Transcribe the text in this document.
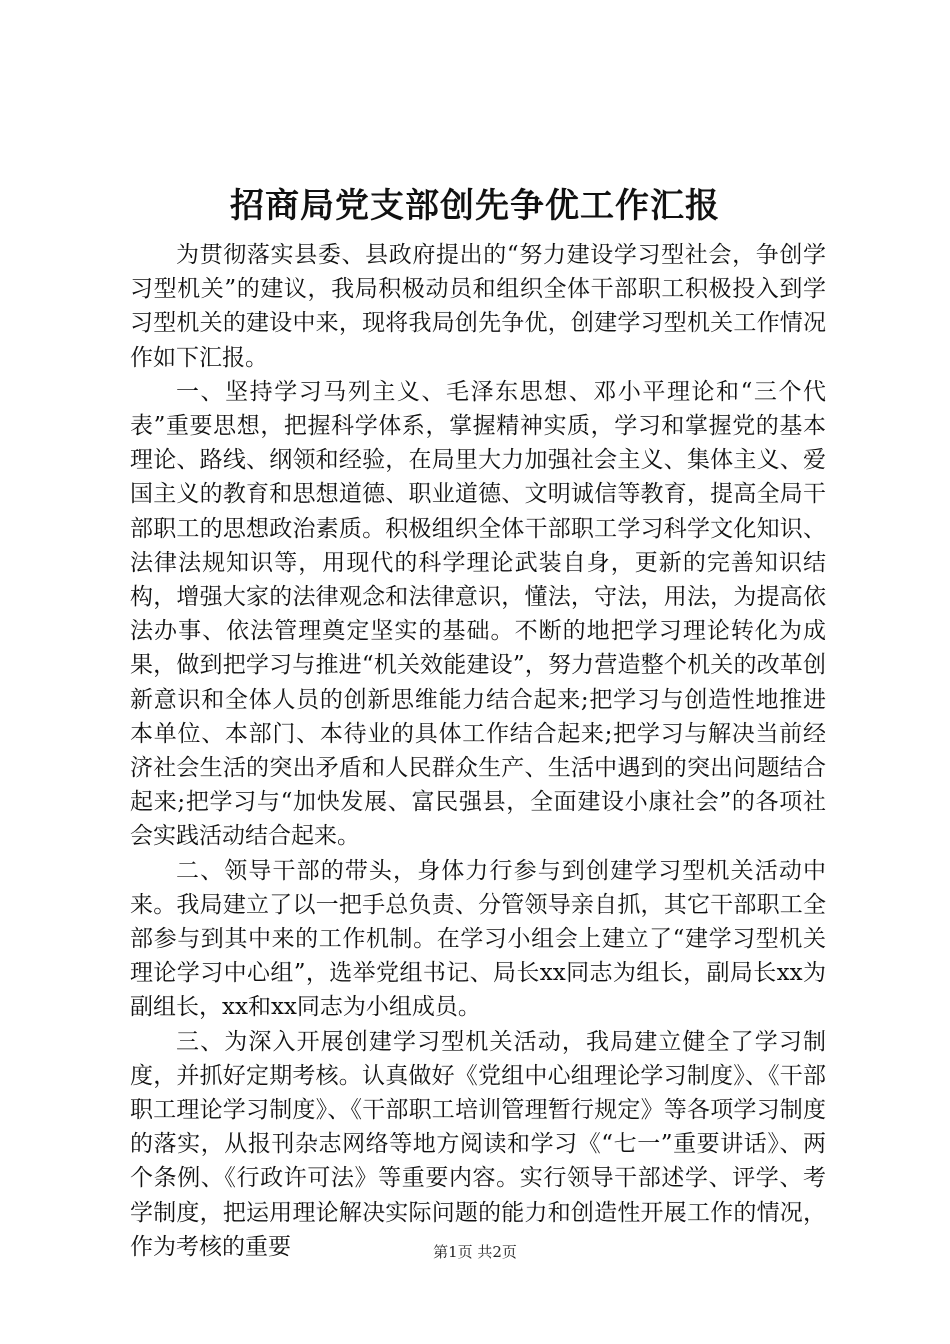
招商局党支部创先争优工作汇报

为贯彻落实县委、县政府提出的“努力建设学习型社会，争创学习型机关”的建议，我局积极动员和组织全体干部职工积极投入到学习型机关的建设中来，现将我局创先争优，创建学习型机关工作情况作如下汇报。

一、坚持学习马列主义、毛泽东思想、邓小平理论和“三个代表”重要思想，把握科学体系，掌握精神实质，学习和掌握党的基本理论、路线、纲领和经验，在局里大力加强社会主义、集体主义、爱国主义的教育和思想道德、职业道德、文明诚信等教育，提高全局干部职工的思想政治素质。积极组织全体干部职工学习科学文化知识、法律法规知识等，用现代的科学理论武装自身，更新的完善知识结构，增强大家的法律观念和法律意识，懂法，守法，用法，为提高依法办事、依法管理奠定坚实的基础。不断的地把学习理论转化为成果，做到把学习与推进“机关效能建设”，努力营造整个机关的改革创新意识和全体人员的创新思维能力结合起来;把学习与创造性地推进本单位、本部门、本待业的具体工作结合起来;把学习与解决当前经济社会生活的突出矛盾和人民群众生产、生活中遇到的突出问题结合起来;把学习与“加快发展、富民强县，全面建设小康社会”的各项社会实践活动结合起来。

二、领导干部的带头，身体力行参与到创建学习型机关活动中来。我局建立了以一把手总负责、分管领导亲自抓，其它干部职工全部参与到其中来的工作机制。在学习小组会上建立了“建学习型机关理论学习中心组”，选举党组书记、局长xx同志为组长，副局长xx为副组长，xx和xx同志为小组成员。

三、为深入开展创建学习型机关活动，我局建立健全了学习制度，并抓好定期考核。认真做好《党组中心组理论学习制度》、《干部职工理论学习制度》、《干部职工培训管理暂行规定》等各项学习制度的落实，从报刊杂志网络等地方阅读和学习《“七一”重要讲话》、两个条例、《行政许可法》等重要内容。实行领导干部述学、评学、考学制度，把运用理论解决实际问题的能力和创造性开展工作的情况，作为考核的重要	第1页 共2页
